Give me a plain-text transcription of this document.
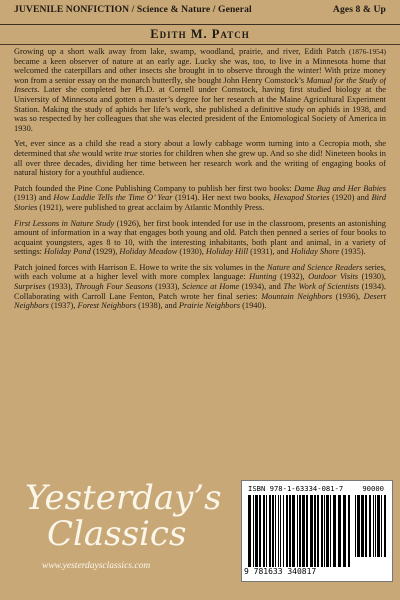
JUVENILE NONFICTION / Science & Nature / General	Ages 8 & Up
Edith M. Patch

Growing up a short walk away from lake, swamp, woodland, prairie, and river, Edith Patch (1876-1954) became a keen observer of nature at an early age. Lucky she was, too, to live in a Minnesota home that welcomed the caterpillars and other insects she brought in to observe through the winter! With prize money won from a senior essay on the monarch butterfly, she bought John Henry Comstock’s Manual for the Study of Insects. Later she completed her Ph.D. at Cornell under Comstock, having first studied biology at the University of Minnesota and gotten a master’s degree for her research at the Maine Agricultural Experiment Station. Making the study of aphids her life’s work, she published a definitive study on aphids in 1938, and was so respected by her colleagues that she was elected president of the Entomological Society of America in 1930.

Yet, ever since as a child she read a story about a lowly cabbage worm turning into a Cecropia moth, she determined that she would write true stories for children when she grew up. And so she did! Nineteen books in all over three decades, dividing her time between her research work and the writing of engaging books of natural history for a youthful audience.

Patch founded the Pine Cone Publishing Company to publish her first two books: Dame Bug and Her Babies (1913) and How Laddie Tells the Time O’ Year (1914). Her next two books, Hexapod Stories (1920) and Bird Stories (1921), were published to great acclaim by Atlantic Monthly Press.

First Lessons in Nature Study (1926), her first book intended for use in the classroom, presents an astonishing amount of information in a way that engages both young and old. Patch then penned a series of four books to acquaint youngsters, ages 8 to 10, with the interesting inhabitants, both plant and animal, in a variety of settings: Holiday Pond (1929), Holiday Meadow (1930), Holiday Hill (1931), and Holiday Shore (1935).

Patch joined forces with Harrison E. Howe to write the six volumes in the Nature and Science Readers series, with each volume at a higher level with more complex language: Hunting (1932), Outdoor Visits (1930), Surprises (1933), Through Four Seasons (1933), Science at Home (1934), and The Work of Scientists (1934). Collaborating with Carroll Lane Fenton, Patch wrote her final series: Mountain Neighbors (1936), Desert Neighbors (1937), Forest Neighbors (1938), and Prairie Neighbors (1940).

Yesterday’s
Classics
www.yesterdaysclassics.com
ISBN 978-1-63334-081-7	90000
9 781633 340817
